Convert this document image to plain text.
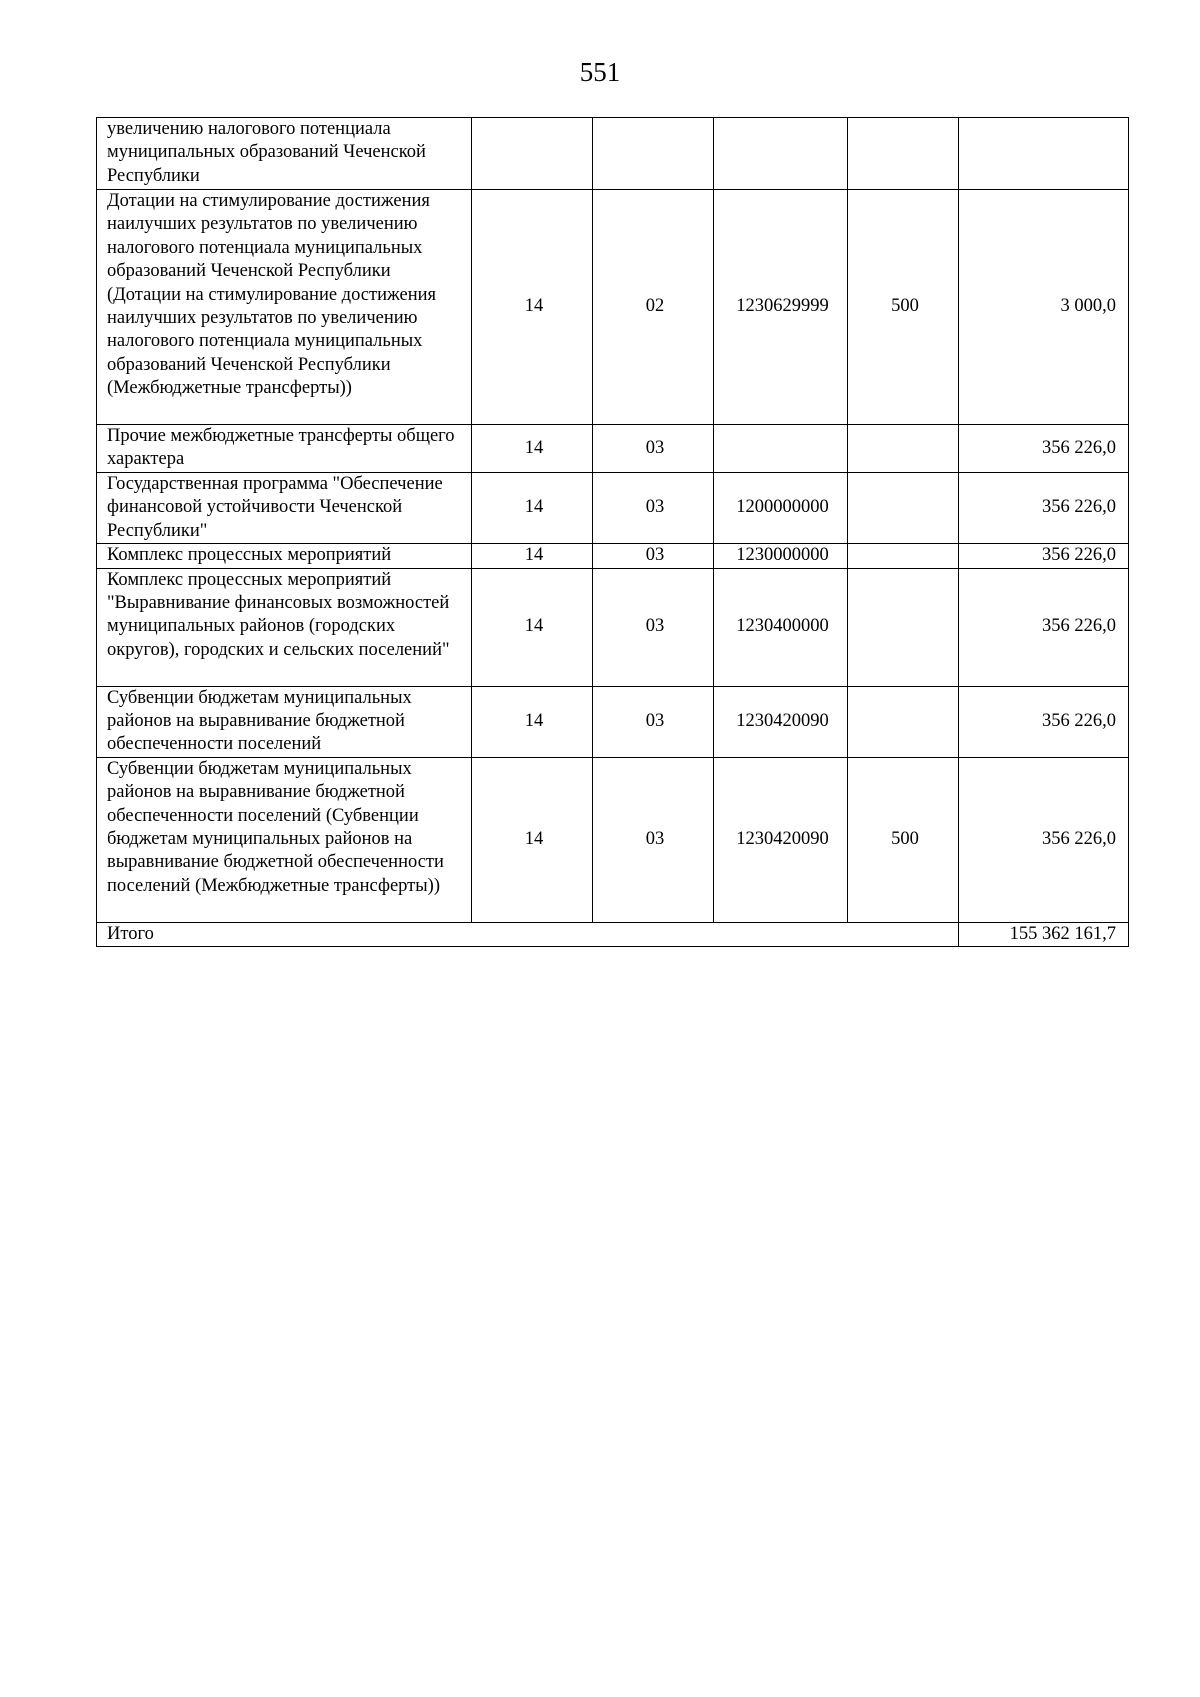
551
увеличению налогового потенциала муниципальных образований Чеченской Республики					
Дотации на стимулирование достижения наилучших результатов по увеличению налогового потенциала муниципальных образований Чеченской Республики (Дотации на стимулирование достижения наилучших результатов по увеличению налогового потенциала муниципальных образований Чеченской Республики (Межбюджетные трансферты))	14	02	1230629999	500	3 000,0
Прочие межбюджетные трансферты общего характера	14	03			356 226,0
Государственная программа "Обеспечение финансовой устойчивости Чеченской Республики"	14	03	1200000000		356 226,0
Комплекс процессных мероприятий	14	03	1230000000		356 226,0
Комплекс процессных мероприятий "Выравнивание финансовых возможностей муниципальных районов (городских округов), городских и сельских поселений"	14	03	1230400000		356 226,0
Субвенции бюджетам муниципальных районов на выравнивание бюджетной обеспеченности поселений	14	03	1230420090		356 226,0
Субвенции бюджетам муниципальных районов на выравнивание бюджетной обеспеченности поселений (Субвенции бюджетам муниципальных районов на выравнивание бюджетной обеспеченности поселений (Межбюджетные трансферты))	14	03	1230420090	500	356 226,0
Итого					155 362 161,7
